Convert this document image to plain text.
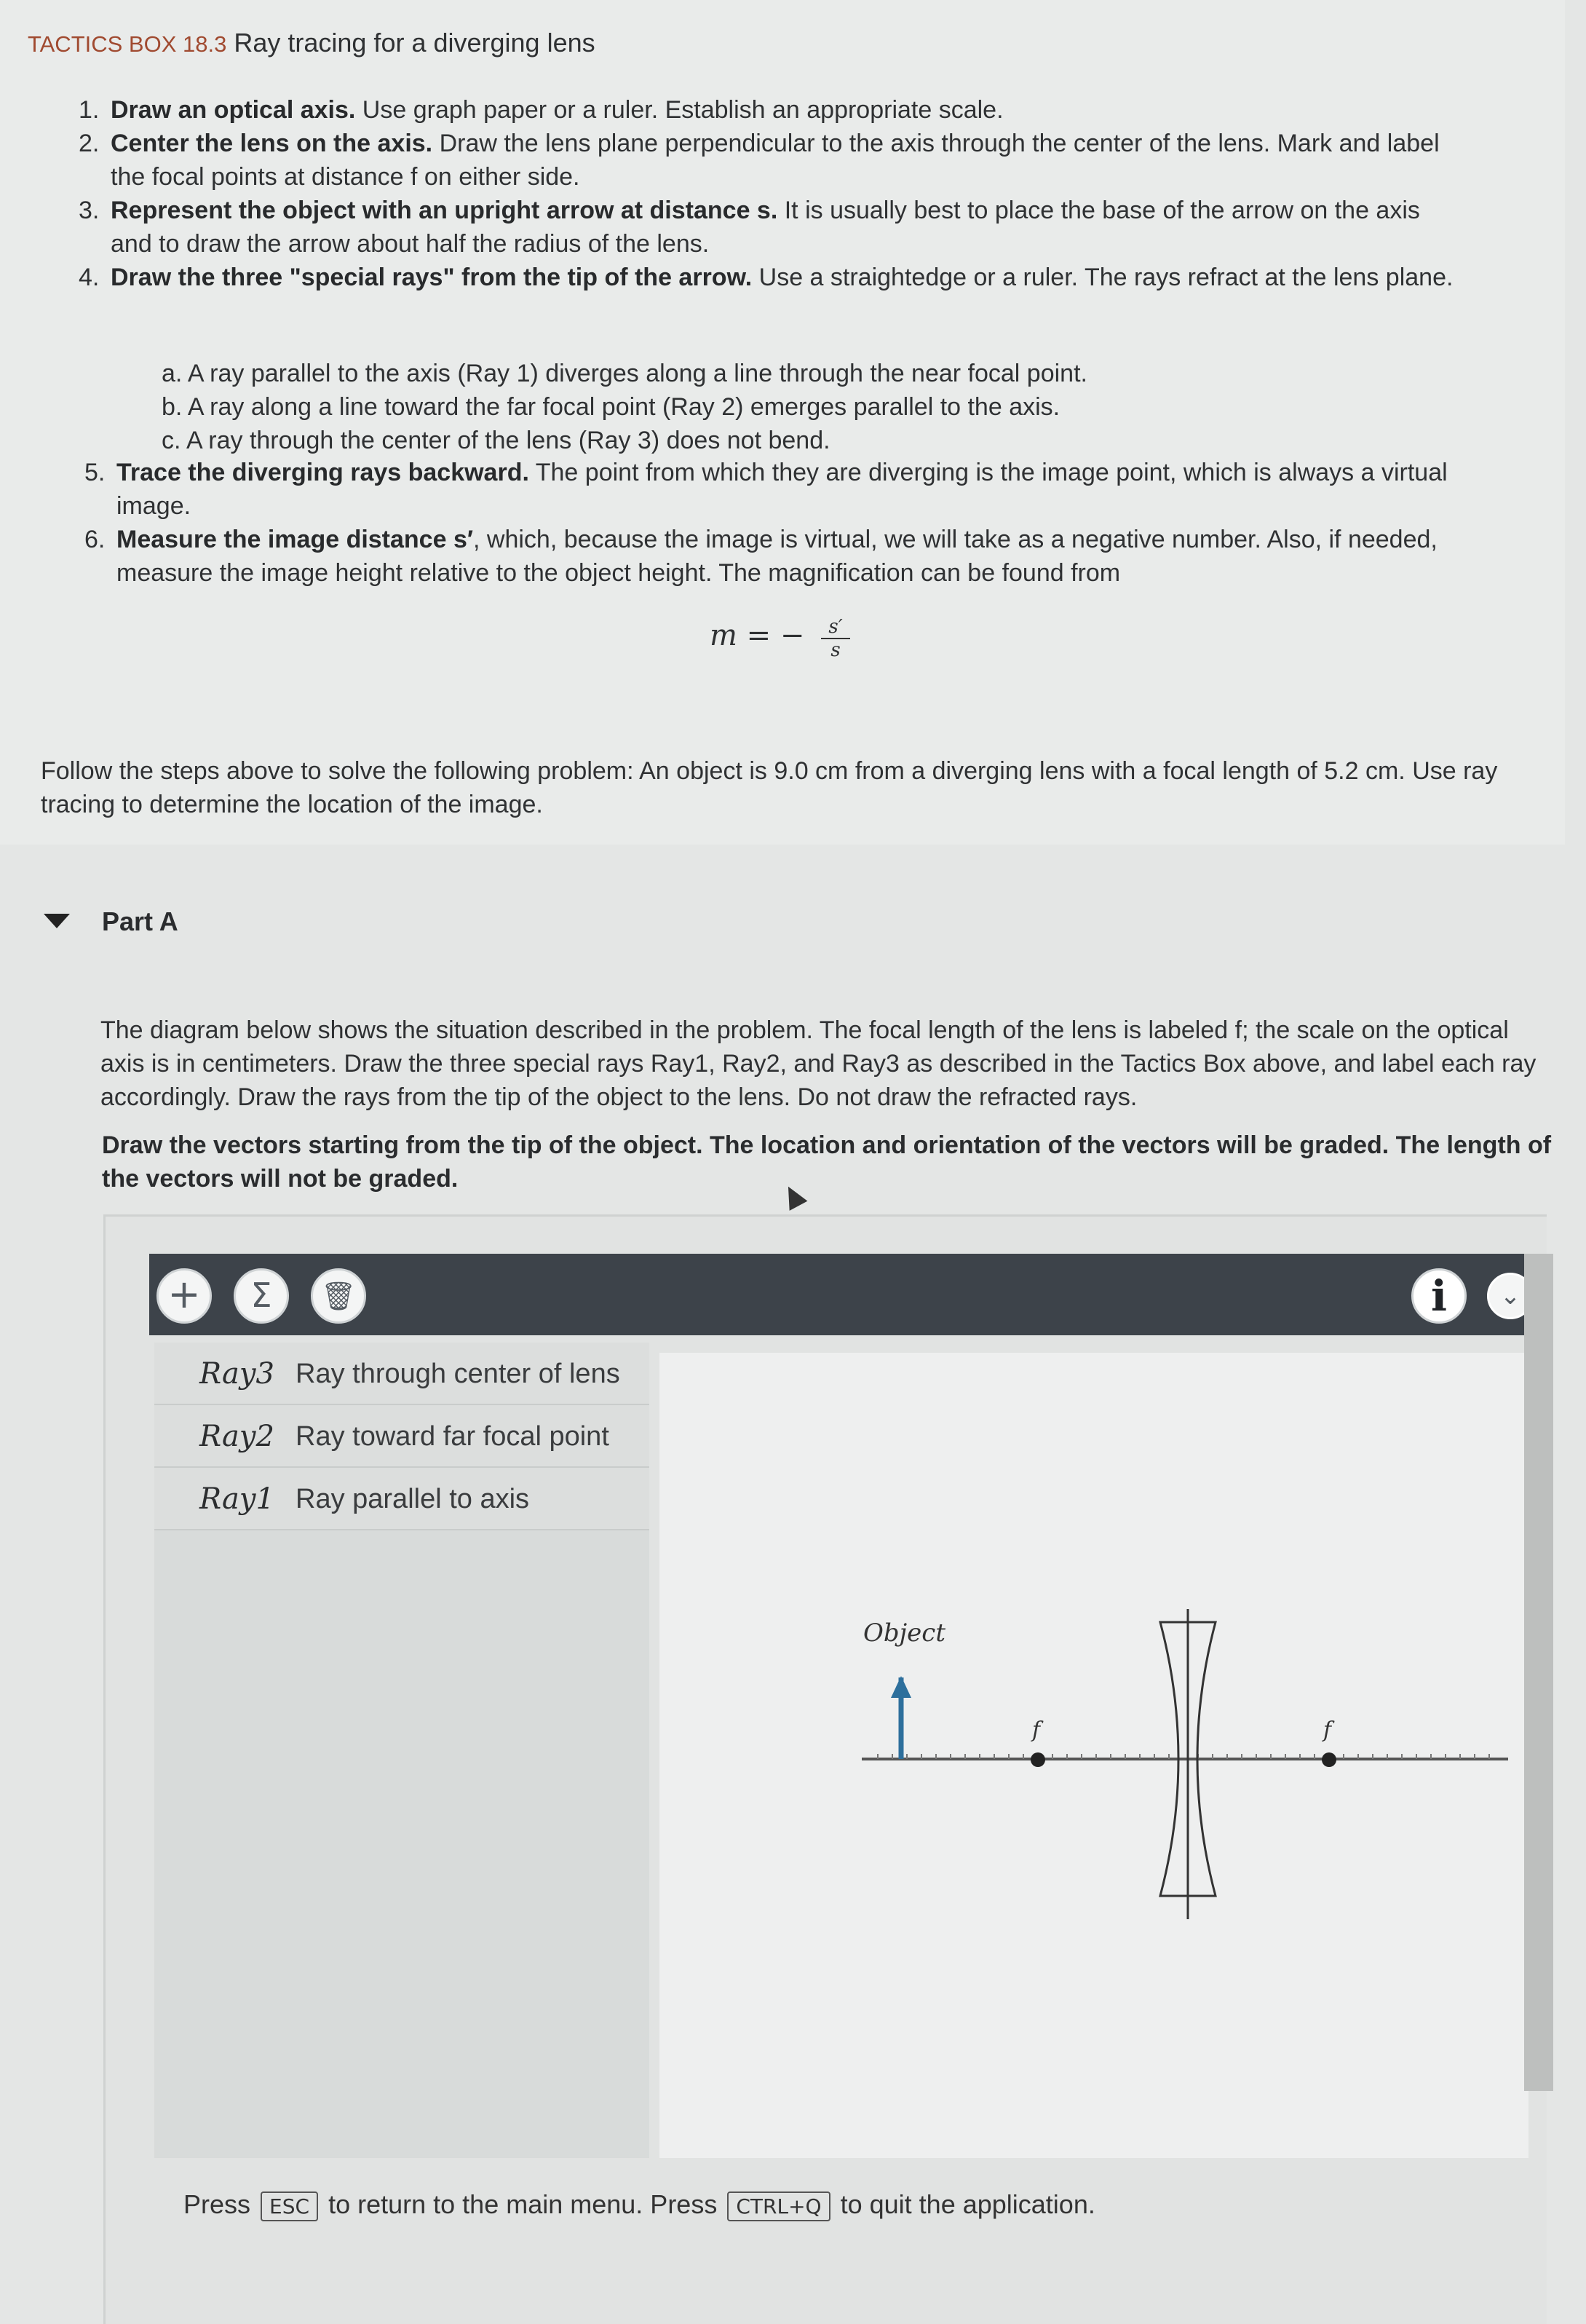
TACTICS BOX 18.3 Ray tracing for a diverging lens
1. Draw an optical axis. Use graph paper or a ruler. Establish an appropriate scale.
2. Center the lens on the axis. Draw the lens plane perpendicular to the axis through the center of the lens. Mark and label the focal points at distance f on either side.
3. Represent the object with an upright arrow at distance s. It is usually best to place the base of the arrow on the axis and to draw the arrow about half the radius of the lens.
4. Draw the three "special rays" from the tip of the arrow. Use a straightedge or a ruler. The rays refract at the lens plane.
a. A ray parallel to the axis (Ray 1) diverges along a line through the near focal point.
b. A ray along a line toward the far focal point (Ray 2) emerges parallel to the axis.
c. A ray through the center of the lens (Ray 3) does not bend.
5. Trace the diverging rays backward. The point from which they are diverging is the image point, which is always a virtual image.
6. Measure the image distance s′, which, because the image is virtual, we will take as a negative number. Also, if needed, measure the image height relative to the object height. The magnification can be found from
m = − $\frac{s'}{s}$
Follow the steps above to solve the following problem: An object is 9.0 cm from a diverging lens with a focal length of 5.2 cm. Use ray tracing to determine the location of the image.
Part A
The diagram below shows the situation described in the problem. The focal length of the lens is labeled f; the scale on the optical axis is in centimeters. Draw the three special rays Ray1, Ray2, and Ray3 as described in the Tactics Box above, and label each ray accordingly. Draw the rays from the tip of the object to the lens. Do not draw the refracted rays.
Draw the vectors starting from the tip of the object. The location and orientation of the vectors will be graded. The length of the vectors will not be graded.
+	Σ	🗑	i	⌄
Ray3 Ray through center of lens
Ray2 Ray toward far focal point
Ray1 Ray parallel to axis
Object
f	f
Press ESC to return to the main menu. Press CTRL+Q to quit the application.
